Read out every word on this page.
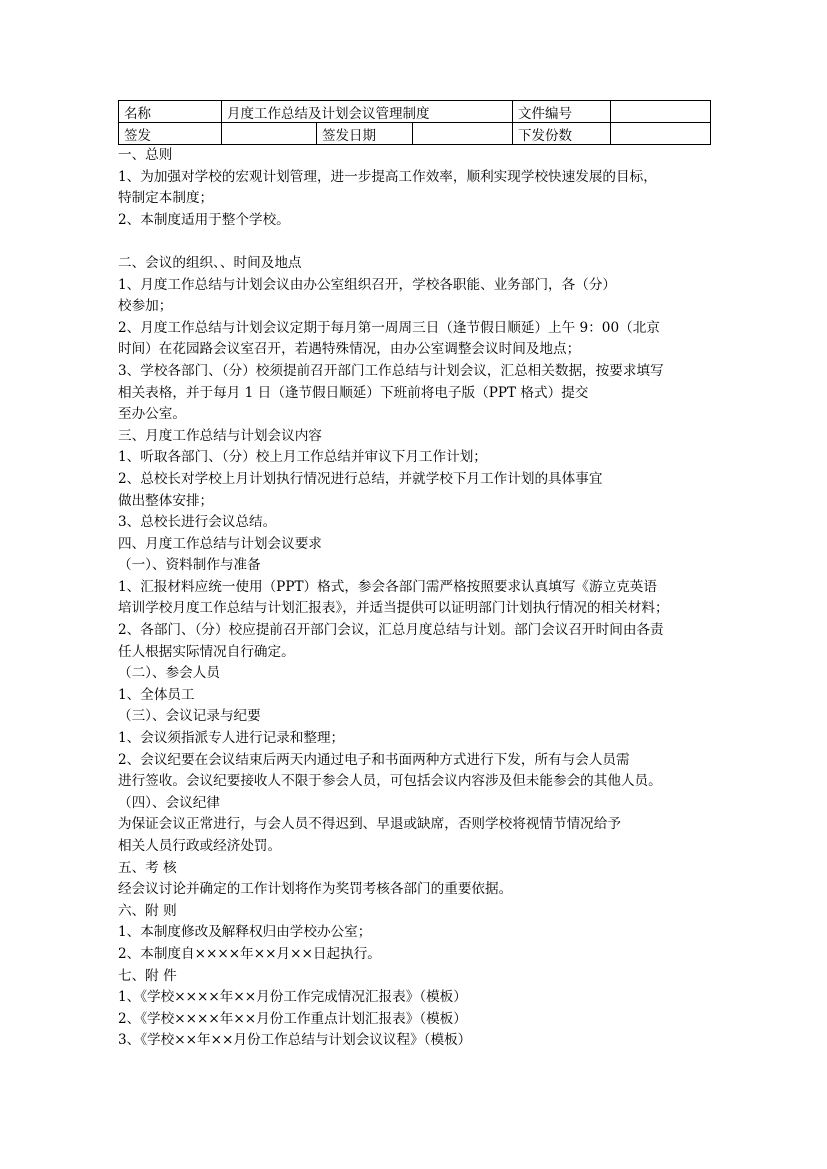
名称	月度工作总结及计划会议管理制度			文件编号	
签发		签发日期		下发份数	
一、总则
1、为加强对学校的宏观计划管理，进一步提高工作效率，顺利实现学校快速发展的目标，
特制定本制度；
2、本制度适用于整个学校。
二、会议的组织、、时间及地点
1、月度工作总结与计划会议由办公室组织召开，学校各职能、业务部门，各（分）
校参加；
2、月度工作总结与计划会议定期于每月第一周周三日（逢节假日顺延）上午 9：00（北京
时间）在花园路会议室召开，若遇特殊情况，由办公室调整会议时间及地点；
3、学校各部门、（分）校须提前召开部门工作总结与计划会议，汇总相关数据，按要求填写
相关表格，并于每月 1 日（逢节假日顺延）下班前将电子版（PPT 格式）提交
至办公室。
三、月度工作总结与计划会议内容
1、听取各部门、（分）校上月工作总结并审议下月工作计划；
2、总校长对学校上月计划执行情况进行总结，并就学校下月工作计划的具体事宜
做出整体安排；
3、总校长进行会议总结。
四、月度工作总结与计划会议要求
（一）、资料制作与准备
1、汇报材料应统一使用（PPT）格式，参会各部门需严格按照要求认真填写《游立克英语
培训学校月度工作总结与计划汇报表》，并适当提供可以证明部门计划执行情况的相关材料；
2、各部门、（分）校应提前召开部门会议，汇总月度总结与计划。部门会议召开时间由各责
任人根据实际情况自行确定。
（二）、参会人员
1、全体员工
（三）、会议记录与纪要
1、会议须指派专人进行记录和整理；
2、会议纪要在会议结束后两天内通过电子和书面两种方式进行下发，所有与会人员需
进行签收。会议纪要接收人不限于参会人员，可包括会议内容涉及但未能参会的其他人员。
（四）、会议纪律
为保证会议正常进行，与会人员不得迟到、早退或缺席，否则学校将视情节情况给予
相关人员行政或经济处罚。
五、考 核
经会议讨论并确定的工作计划将作为奖罚考核各部门的重要依据。
六、附 则
1、本制度修改及解释权归由学校办公室；
2、本制度自××××年××月××日起执行。
七、附 件
1、《学校××××年××月份工作完成情况汇报表》（模板）
2、《学校××××年××月份工作重点计划汇报表》（模板）
3、《学校××年××月份工作总结与计划会议议程》（模板）
